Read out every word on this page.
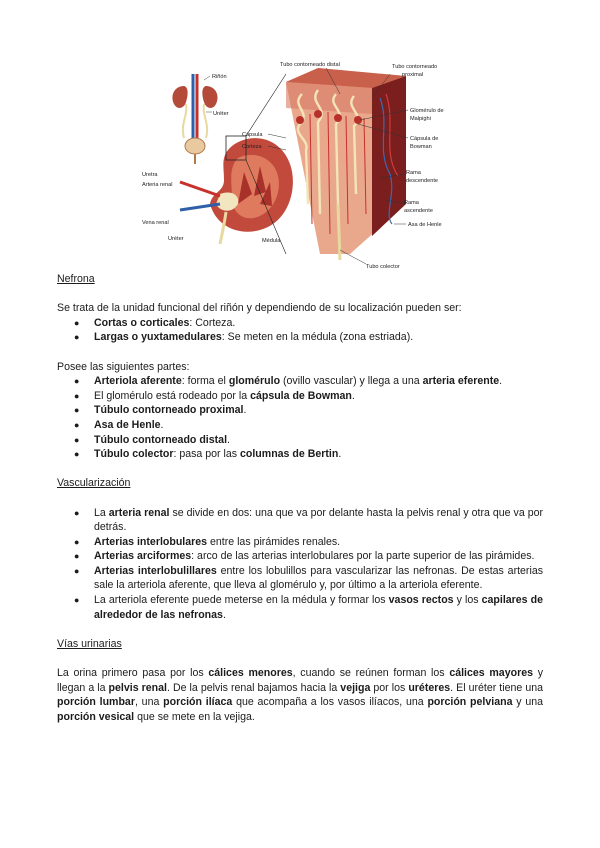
Riñón
Uréter
Uretra
Arteria renal
Vena renal
Uréter
Cápsula
Corteza
Médula
Tubo contorneado distal	Tubo contorneado
proximal
Glomérulo de
Malpighi
Cápsula de
Bowman
Rama
descendente
Rama
ascendente
Asa de Henle
Tubo colector

Nefrona

Se trata de la unidad funcional del riñón y dependiendo de su localización pueden ser:

● Cortas o corticales: Corteza.
● Largas o yuxtamedulares: Se meten en la médula (zona estriada).

Posee las siguientes partes:

● Arteriola aferente: forma el glomérulo (ovillo vascular) y llega a una arteria eferente.
● El glomérulo está rodeado por la cápsula de Bowman.
● Túbulo contorneado proximal.
● Asa de Henle.
● Túbulo contorneado distal.
● Túbulo colector: pasa por las columnas de Bertin.

Vascularización

● La arteria renal se divide en dos: una que va por delante hasta la pelvis renal y otra que va por detrás.
● Arterias interlobulares entre las pirámides renales.
● Arterias arciformes: arco de las arterias interlobulares por la parte superior de las pirámides.
● Arterias interlobulillares entre los lobulillos para vascularizar las nefronas. De estas arterias sale la arteriola aferente, que lleva al glomérulo y, por último a la arteriola eferente.
● La arteriola eferente puede meterse en la médula y formar los vasos rectos y los capilares de alrededor de las nefronas.

Vías urinarias

La orina primero pasa por los cálices menores, cuando se reúnen forman los cálices mayores y llegan a la pelvis renal. De la pelvis renal bajamos hacia la vejiga por los uréteres. El uréter tiene una porción lumbar, una porción ilíaca que acompaña a los vasos ilíacos, una porción pelviana y una porción vesical que se mete en la vejiga.
